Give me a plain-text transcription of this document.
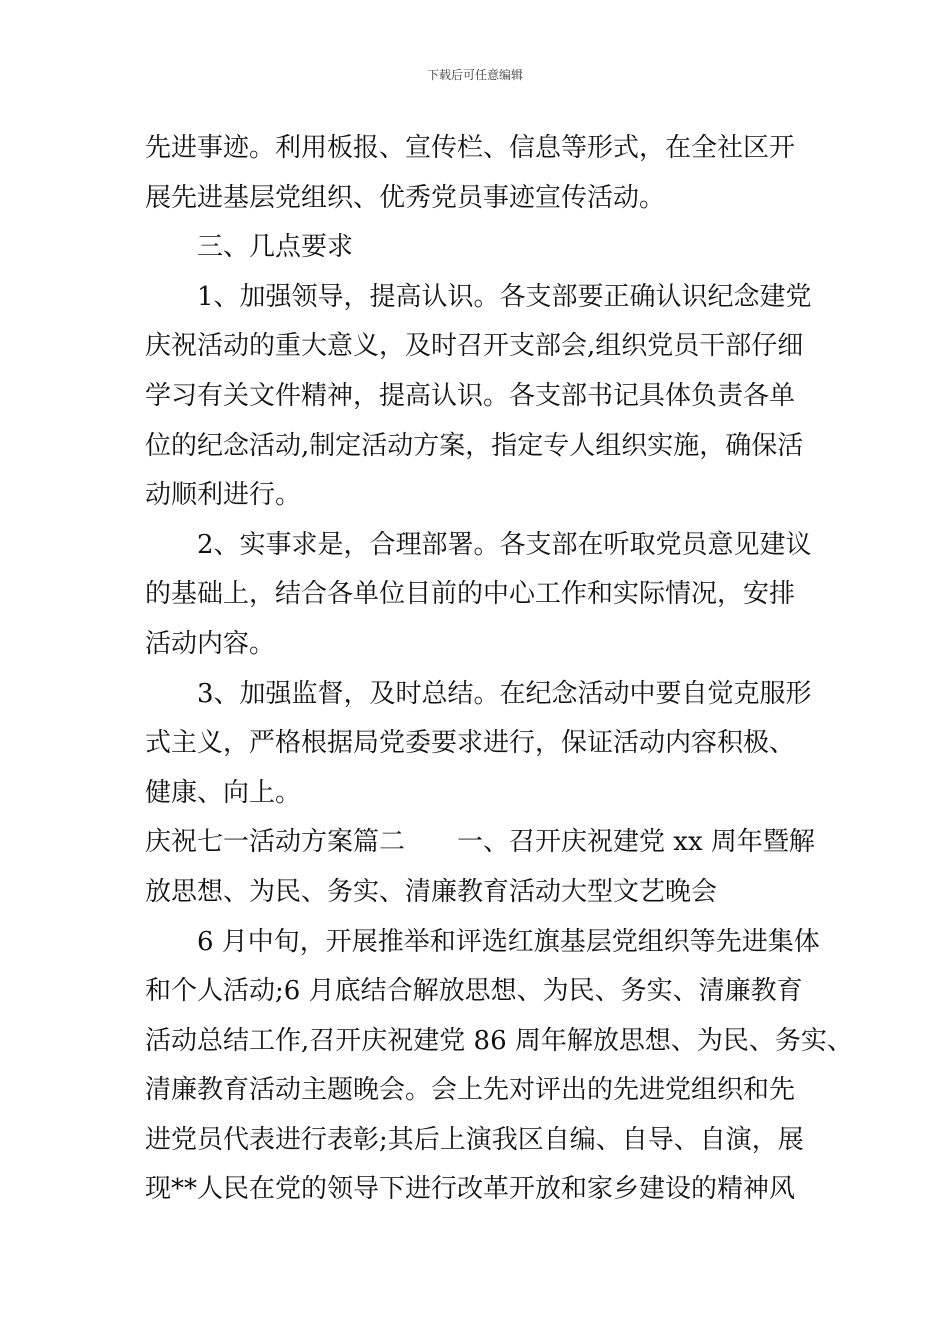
下载后可任意编辑
先进事迹。利用板报、宣传栏、信息等形式，在全社区开
展先进基层党组织、优秀党员事迹宣传活动。
三、几点要求
1、加强领导，提高认识。各支部要正确认识纪念建党
庆祝活动的重大意义，及时召开支部会,组织党员干部仔细
学习有关文件精神，提高认识。各支部书记具体负责各单
位的纪念活动,制定活动方案，指定专人组织实施，确保活
动顺利进行。
2、实事求是，合理部署。各支部在听取党员意见建议
的基础上，结合各单位目前的中心工作和实际情况，安排
活动内容。
3、加强监督，及时总结。在纪念活动中要自觉克服形
式主义，严格根据局党委要求进行，保证活动内容积极、
健康、向上。
庆祝七一活动方案篇二 一、召开庆祝建党 xx 周年暨解
放思想、为民、务实、清廉教育活动大型文艺晚会
6 月中旬，开展推举和评选红旗基层党组织等先进集体
和个人活动;6 月底结合解放思想、为民、务实、清廉教育
活动总结工作,召开庆祝建党 86 周年解放思想、为民、务实、
清廉教育活动主题晚会。会上先对评出的先进党组织和先
进党员代表进行表彰;其后上演我区自编、自导、自演，展
现**人民在党的领导下进行改革开放和家乡建设的精神风
